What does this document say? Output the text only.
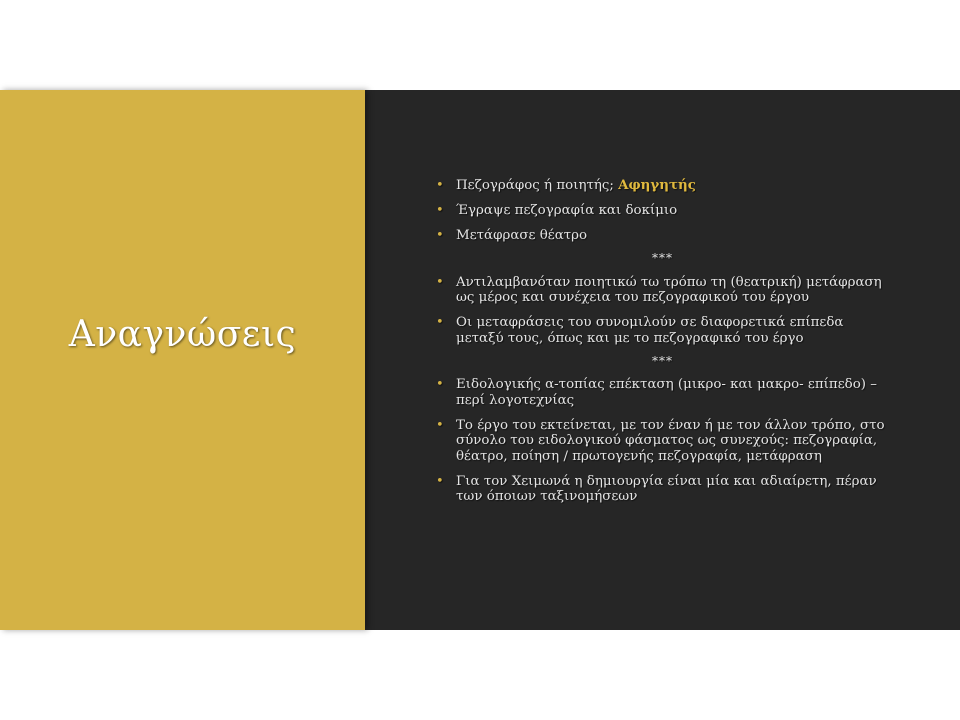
Αναγνώσεις
• Πεζογράφος ή ποιητής; Αφηγητής
• Έγραψε πεζογραφία και δοκίμιο
• Μετάφρασε θέατρο
***
• Αντιλαμβανόταν ποιητικώ τω τρόπω τη (θεατρική) μετάφραση ως μέρος και συνέχεια του πεζογραφικού του έργου
• Οι μεταφράσεις του συνομιλούν σε διαφορετικά επίπεδα μεταξύ τους, όπως και με το πεζογραφικό του έργο
***
• Ειδολογικής α-τοπίας επέκταση (μικρο- και μακρο- επίπεδο) – περί λογοτεχνίας
• Το έργο του εκτείνεται, με τον έναν ή με τον άλλον τρόπο, στο σύνολο του ειδολογικού φάσματος ως συνεχούς: πεζογραφία, θέατρο, ποίηση / πρωτογενής πεζογραφία, μετάφραση
• Για τον Χειμωνά η δημιουργία είναι μία και αδιαίρετη, πέραν των όποιων ταξινομήσεων
